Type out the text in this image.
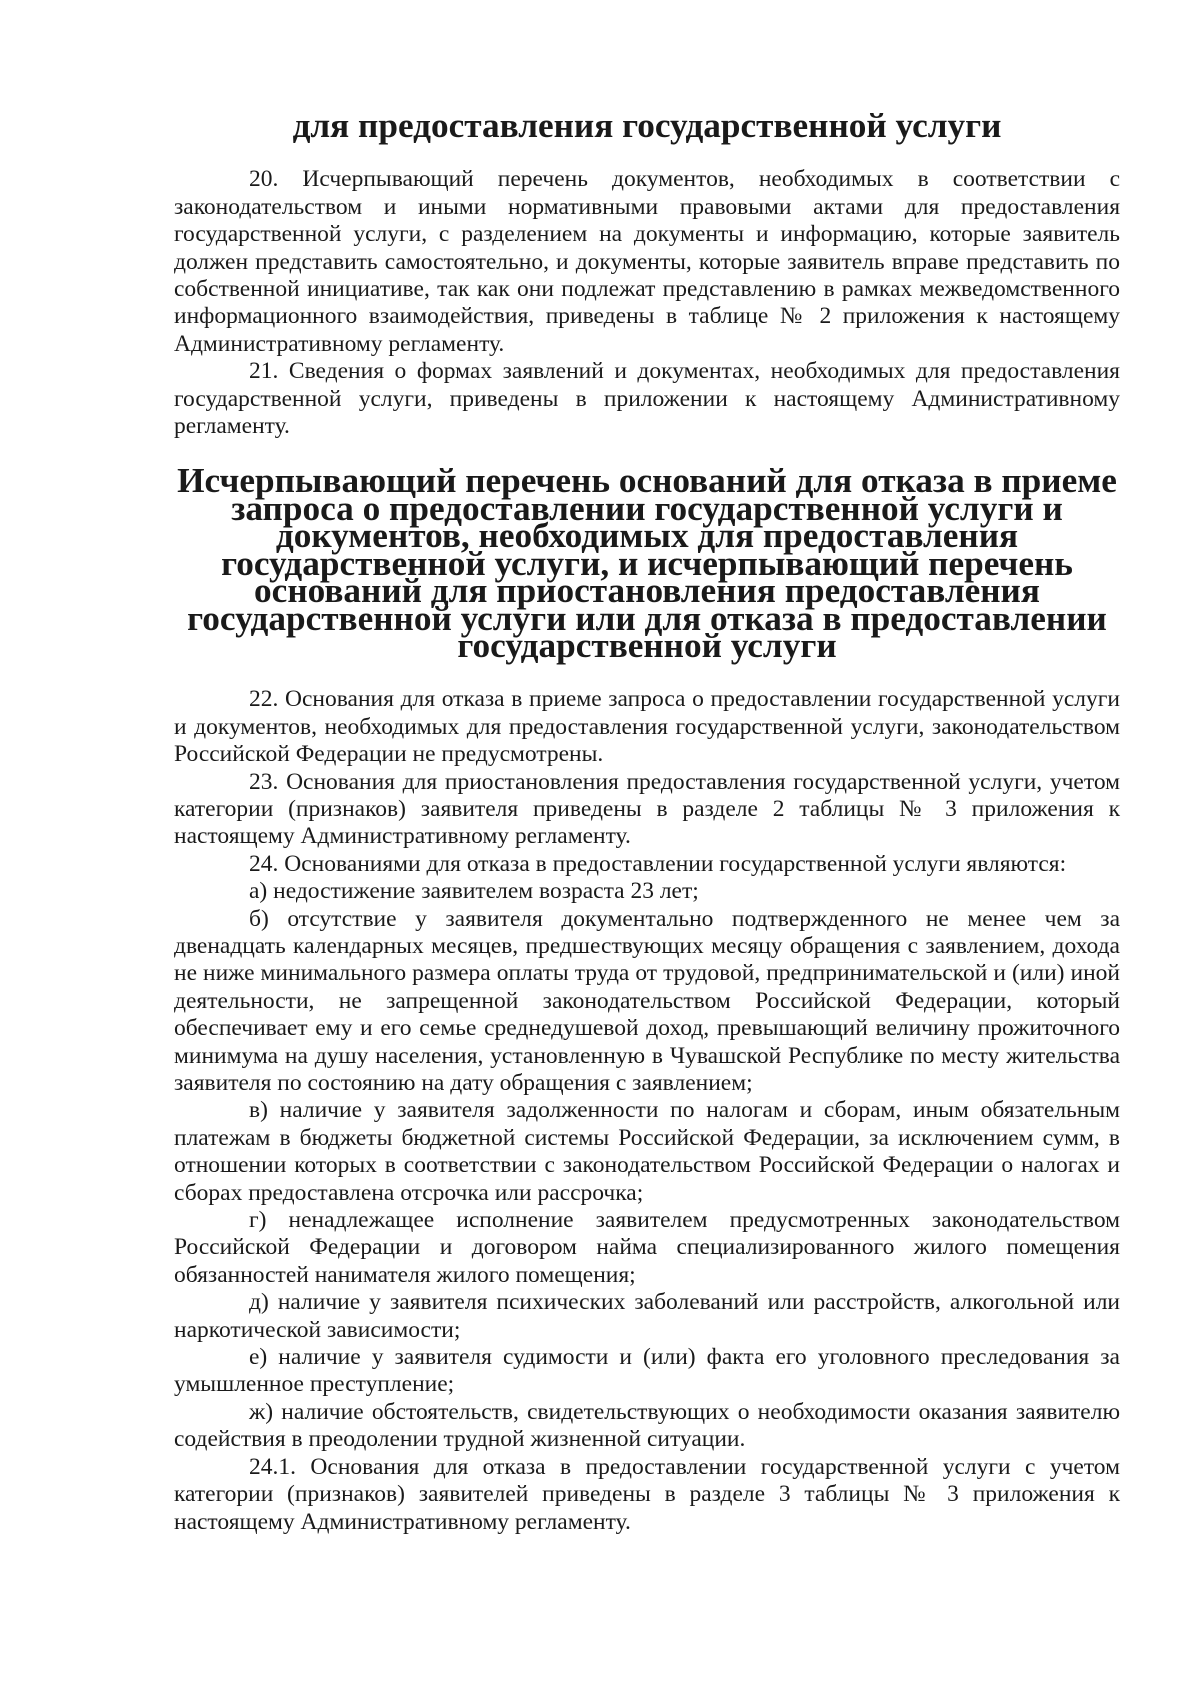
для предоставления государственной услуги

20. Исчерпывающий перечень документов, необходимых в соответствии с законодательством и иными нормативными правовыми актами для предоставления государственной услуги, с разделением на документы и информацию, которые заявитель должен представить самостоятельно, и документы, которые заявитель вправе представить по собственной инициативе, так как они подлежат представлению в рамках межведомственного информационного взаимодействия, приведены в таблице № 2 приложения к настоящему Административному регламенту.

21. Сведения о формах заявлений и документах, необходимых для предоставления государственной услуги, приведены в приложении к настоящему Административному регламенту.

Исчерпывающий перечень оснований для отказа в приеме запроса о предоставлении государственной услуги и документов, необходимых для предоставления государственной услуги, и исчерпывающий перечень оснований для приостановления предоставления государственной услуги или для отказа в предоставлении государственной услуги

22. Основания для отказа в приеме запроса о предоставлении государственной услуги и документов, необходимых для предоставления государственной услуги, законодательством Российской Федерации не предусмотрены.

23. Основания для приостановления предоставления государственной услуги, учетом категории (признаков) заявителя приведены в разделе 2 таблицы № 3 приложения к настоящему Административному регламенту.

24. Основаниями для отказа в предоставлении государственной услуги являются:

а) недостижение заявителем возраста 23 лет;

б) отсутствие у заявителя документально подтвержденного не менее чем за двенадцать календарных месяцев, предшествующих месяцу обращения с заявлением, дохода не ниже минимального размера оплаты труда от трудовой, предпринимательской и (или) иной деятельности, не запрещенной законодательством Российской Федерации, который обеспечивает ему и его семье среднедушевой доход, превышающий величину прожиточного минимума на душу населения, установленную в Чувашской Республике по месту жительства заявителя по состоянию на дату обращения с заявлением;

в) наличие у заявителя задолженности по налогам и сборам, иным обязательным платежам в бюджеты бюджетной системы Российской Федерации, за исключением сумм, в отношении которых в соответствии с законодательством Российской Федерации о налогах и сборах предоставлена отсрочка или рассрочка;

г) ненадлежащее исполнение заявителем предусмотренных законодательством Российской Федерации и договором найма специализированного жилого помещения обязанностей нанимателя жилого помещения;

д) наличие у заявителя психических заболеваний или расстройств, алкогольной или наркотической зависимости;

е) наличие у заявителя судимости и (или) факта его уголовного преследования за умышленное преступление;

ж) наличие обстоятельств, свидетельствующих о необходимости оказания заявителю содействия в преодолении трудной жизненной ситуации.

24.1. Основания для отказа в предоставлении государственной услуги с учетом категории (признаков) заявителей приведены в разделе 3 таблицы № 3 приложения к настоящему Административному регламенту.
